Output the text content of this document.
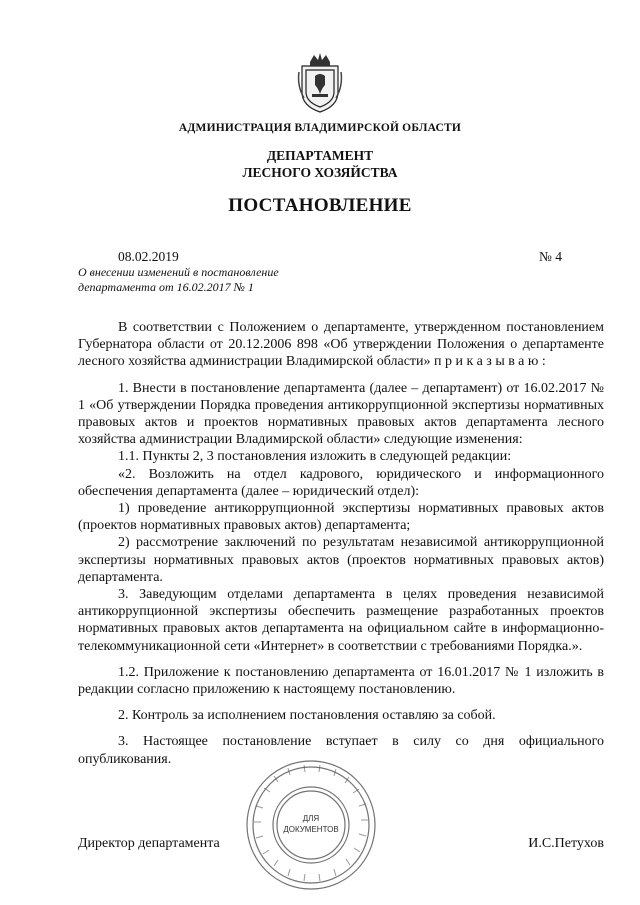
АДМИНИСТРАЦИЯ ВЛАДИМИРСКОЙ ОБЛАСТИ
ДЕПАРТАМЕНТ
ЛЕСНОГО ХОЗЯЙСТВА
ПОСТАНОВЛЕНИЕ
08.02.2019	№ 4
О внесении изменений в постановление департамента от 16.02.2017 № 1

В соответствии с Положением о департаменте, утвержденном постановлением Губернатора области от 20.12.2006 898 «Об утверждении Положения о департаменте лесного хозяйства администрации Владимирской области» приказываю:

1. Внести в постановление департамента (далее – департамент) от 16.02.2017 № 1 «Об утверждении Порядка проведения антикоррупционной экспертизы нормативных правовых актов и проектов нормативных правовых актов департамента лесного хозяйства администрации Владимирской области» следующие изменения:

1.1. Пункты 2, 3 постановления изложить в следующей редакции:

«2. Возложить на отдел кадрового, юридического и информационного обеспечения департамента (далее – юридический отдел):

1) проведение антикоррупционной экспертизы нормативных правовых актов (проектов нормативных правовых актов) департамента;

2) рассмотрение заключений по результатам независимой антикоррупционной экспертизы нормативных правовых актов (проектов нормативных правовых актов) департамента.

3. Заведующим отделами департамента в целях проведения независимой антикоррупционной экспертизы обеспечить размещение разработанных проектов нормативных правовых актов департамента на официальном сайте в информационно-телекоммуникационной сети «Интернет» в соответствии с требованиями Порядка.».

1.2. Приложение к постановлению департамента от 16.01.2017 № 1 изложить в редакции согласно приложению к настоящему постановлению.

2. Контроль за исполнением постановления оставляю за собой.

3. Настоящее постановление вступает в силу со дня официального опубликования.

Директор департамента	И.С.Петухов
ДЛЯ
ДОКУМЕНТОВ
